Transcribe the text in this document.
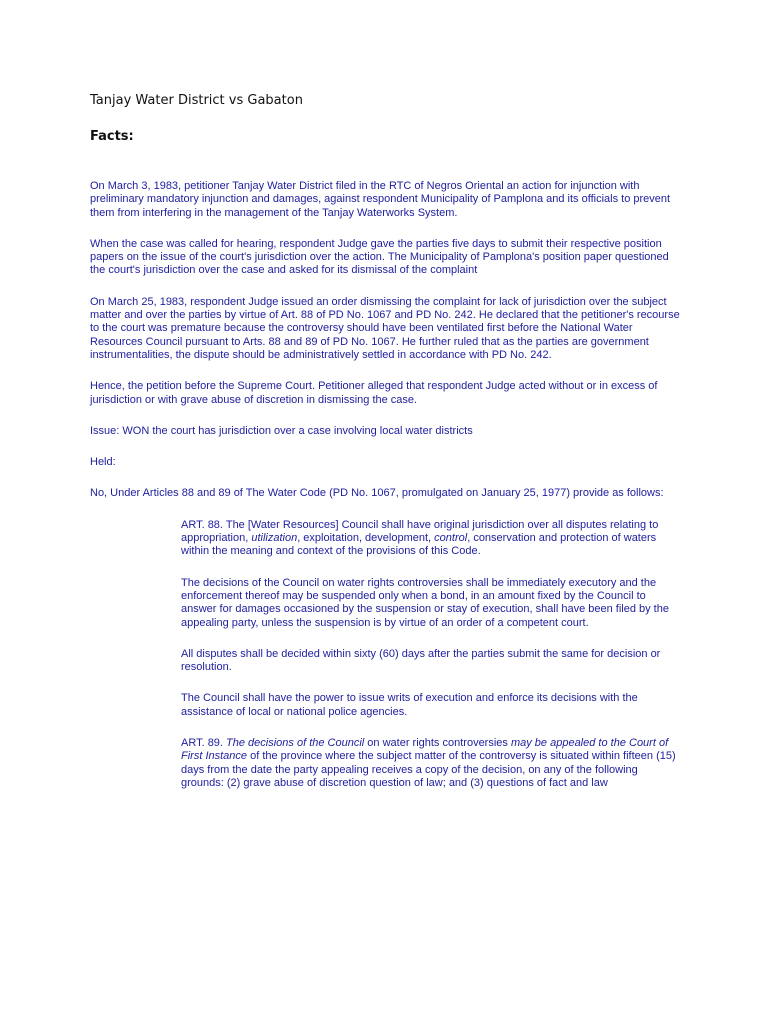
Tanjay Water District vs Gabaton
Facts:

On March 3, 1983, petitioner Tanjay Water District filed in the RTC of Negros Oriental an action for injunction with preliminary mandatory injunction and damages, against respondent Municipality of Pamplona and its officials to prevent them from interfering in the management of the Tanjay Waterworks System.

When the case was called for hearing, respondent Judge gave the parties five days to submit their respective position papers on the issue of the court's jurisdiction over the action. The Municipality of Pamplona's position paper questioned the court's jurisdiction over the case and asked for its dismissal of the complaint

On March 25, 1983, respondent Judge issued an order dismissing the complaint for lack of jurisdiction over the subject matter and over the parties by virtue of Art. 88 of PD No. 1067 and PD No. 242. He declared that the petitioner's recourse to the court was premature because the controversy should have been ventilated first before the National Water Resources Council pursuant to Arts. 88 and 89 of PD No. 1067. He further ruled that as the parties are government instrumentalities, the dispute should be administratively settled in accordance with PD No. 242.

Hence, the petition before the Supreme Court. Petitioner alleged that respondent Judge acted without or in excess of jurisdiction or with grave abuse of discretion in dismissing the case.

Issue: WON the court has jurisdiction over a case involving local water districts

Held:

No, Under Articles 88 and 89 of The Water Code (PD No. 1067, promulgated on January 25, 1977) provide as follows:

ART. 88. The [Water Resources] Council shall have original jurisdiction over all disputes relating to appropriation, utilization, exploitation, development, control, conservation and protection of waters within the meaning and context of the provisions of this Code.

The decisions of the Council on water rights controversies shall be immediately executory and the enforcement thereof may be suspended only when a bond, in an amount fixed by the Council to answer for damages occasioned by the suspension or stay of execution, shall have been filed by the appealing party, unless the suspension is by virtue of an order of a competent court.

All disputes shall be decided within sixty (60) days after the parties submit the same for decision or resolution.

The Council shall have the power to issue writs of execution and enforce its decisions with the assistance of local or national police agencies.

ART. 89. The decisions of the Council on water rights controversies may be appealed to the Court of First Instance of the province where the subject matter of the controversy is situated within fifteen (15) days from the date the party appealing receives a copy of the decision, on any of the following grounds: (2) grave abuse of discretion question of law; and (3) questions of fact and law
